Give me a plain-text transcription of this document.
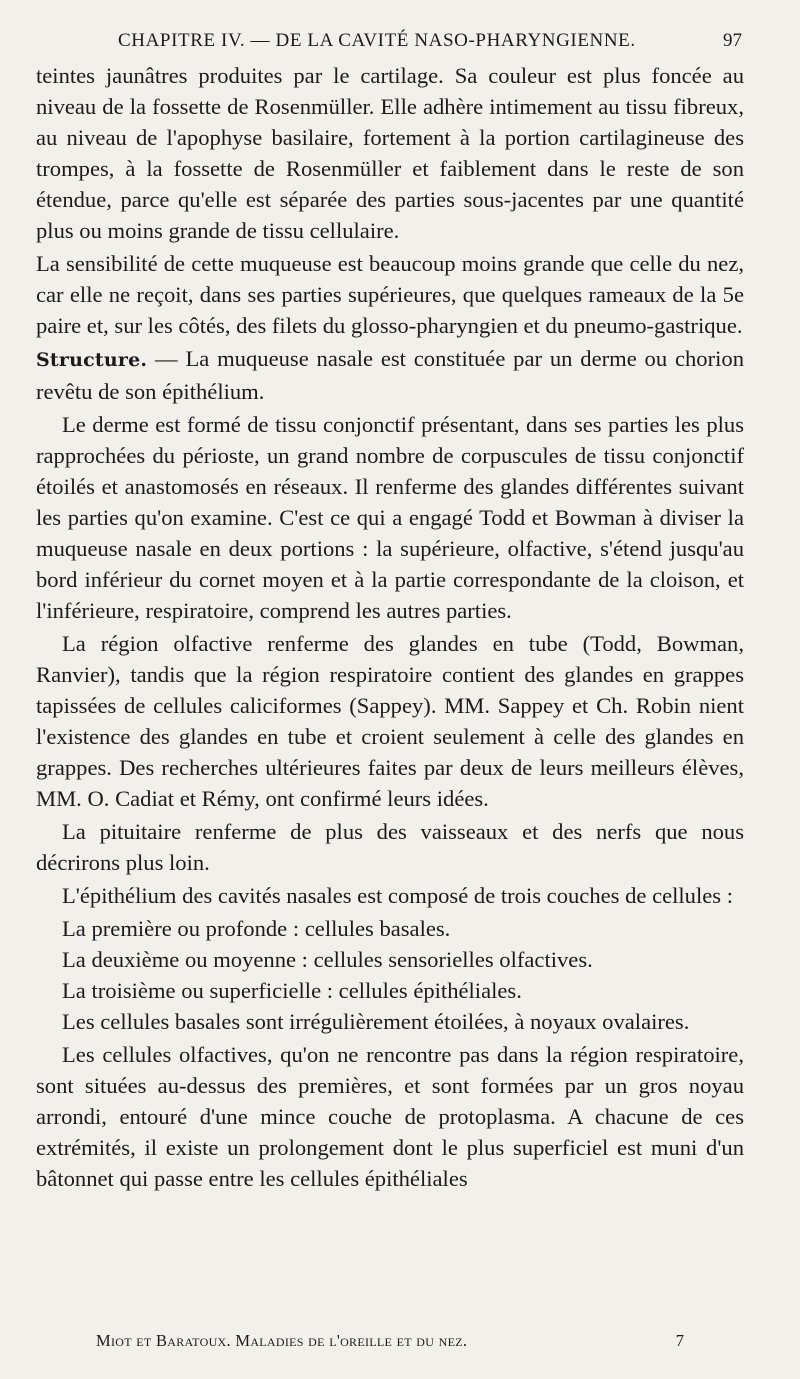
CHAPITRE IV. — DE LA CAVITÉ NASO-PHARYNGIENNE.	97

teintes jaunâtres produites par le cartilage. Sa couleur est plus foncée au niveau de la fossette de Rosenmüller. Elle adhère intimement au tissu fibreux, au niveau de l'apophyse basilaire, fortement à la portion cartilagineuse des trompes, à la fossette de Rosenmüller et faiblement dans le reste de son étendue, parce qu'elle est séparée des parties sous-jacentes par une quantité plus ou moins grande de tissu cellulaire.

La sensibilité de cette muqueuse est beaucoup moins grande que celle du nez, car elle ne reçoit, dans ses parties supérieures, que quelques rameaux de la 5e paire et, sur les côtés, des filets du glosso-pharyngien et du pneumo-gastrique.

Structure. — La muqueuse nasale est constituée par un derme ou chorion revêtu de son épithélium.

Le derme est formé de tissu conjonctif présentant, dans ses parties les plus rapprochées du périoste, un grand nombre de corpuscules de tissu conjonctif étoilés et anastomosés en réseaux. Il renferme des glandes différentes suivant les parties qu'on examine. C'est ce qui a engagé Todd et Bowman à diviser la muqueuse nasale en deux portions : la supérieure, olfactive, s'étend jusqu'au bord inférieur du cornet moyen et à la partie correspondante de la cloison, et l'inférieure, respiratoire, comprend les autres parties.

La région olfactive renferme des glandes en tube (Todd, Bowman, Ranvier), tandis que la région respiratoire contient des glandes en grappes tapissées de cellules caliciformes (Sappey). MM. Sappey et Ch. Robin nient l'existence des glandes en tube et croient seulement à celle des glandes en grappes. Des recherches ultérieures faites par deux de leurs meilleurs élèves, MM. O. Cadiat et Rémy, ont confirmé leurs idées.

La pituitaire renferme de plus des vaisseaux et des nerfs que nous décrirons plus loin.

L'épithélium des cavités nasales est composé de trois couches de cellules :

La première ou profonde : cellules basales.

La deuxième ou moyenne : cellules sensorielles olfactives.

La troisième ou superficielle : cellules épithéliales.

Les cellules basales sont irrégulièrement étoilées, à noyaux ovalaires.

Les cellules olfactives, qu'on ne rencontre pas dans la région respiratoire, sont situées au-dessus des premières, et sont formées par un gros noyau arrondi, entouré d'une mince couche de protoplasma. A chacune de ces extrémités, il existe un prolongement dont le plus superficiel est muni d'un bâtonnet qui passe entre les cellules épithéliales

Miot et Baratoux. Maladies de l'oreille et du nez.	7
